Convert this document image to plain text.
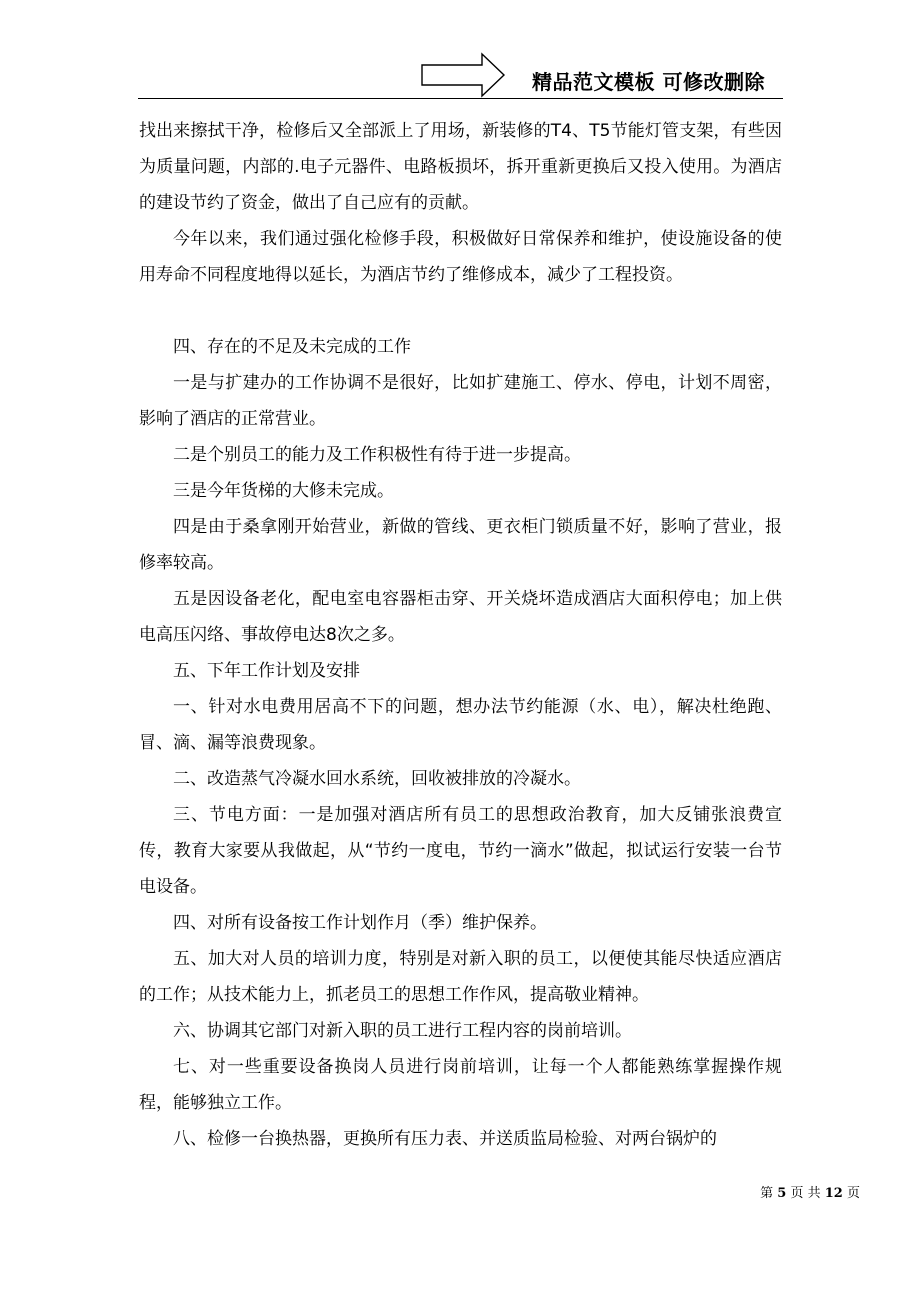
精品范文模板 可修改删除

找出来擦拭干净，检修后又全部派上了用场，新装修的T4、T5节能灯管支架，有些因为质量问题，内部的.电子元器件、电路板损坏，拆开重新更换后又投入使用。为酒店的建设节约了资金，做出了自己应有的贡献。

今年以来，我们通过强化检修手段，积极做好日常保养和维护，使设施设备的使用寿命不同程度地得以延长，为酒店节约了维修成本，减少了工程投资。

四、存在的不足及未完成的工作

一是与扩建办的工作协调不是很好，比如扩建施工、停水、停电，计划不周密，影响了酒店的正常营业。

二是个别员工的能力及工作积极性有待于进一步提高。

三是今年货梯的大修未完成。

四是由于桑拿刚开始营业，新做的管线、更衣柜门锁质量不好，影响了营业，报修率较高。

五是因设备老化，配电室电容器柜击穿、开关烧坏造成酒店大面积停电；加上供电高压闪络、事故停电达8次之多。

五、下年工作计划及安排

一、针对水电费用居高不下的问题，想办法节约能源（水、电），解决杜绝跑、冒、滴、漏等浪费现象。

二、改造蒸气冷凝水回水系统，回收被排放的冷凝水。

三、节电方面：一是加强对酒店所有员工的思想政治教育，加大反铺张浪费宣传，教育大家要从我做起，从“节约一度电，节约一滴水”做起，拟试运行安装一台节电设备。

四、对所有设备按工作计划作月（季）维护保养。

五、加大对人员的培训力度，特别是对新入职的员工，以便使其能尽快适应酒店的工作；从技术能力上，抓老员工的思想工作作风，提高敬业精神。

六、协调其它部门对新入职的员工进行工程内容的岗前培训。

七、对一些重要设备换岗人员进行岗前培训，让每一个人都能熟练掌握操作规程，能够独立工作。

八、检修一台换热器，更换所有压力表、并送质监局检验、对两台锅炉的

第 5 页 共 12 页
